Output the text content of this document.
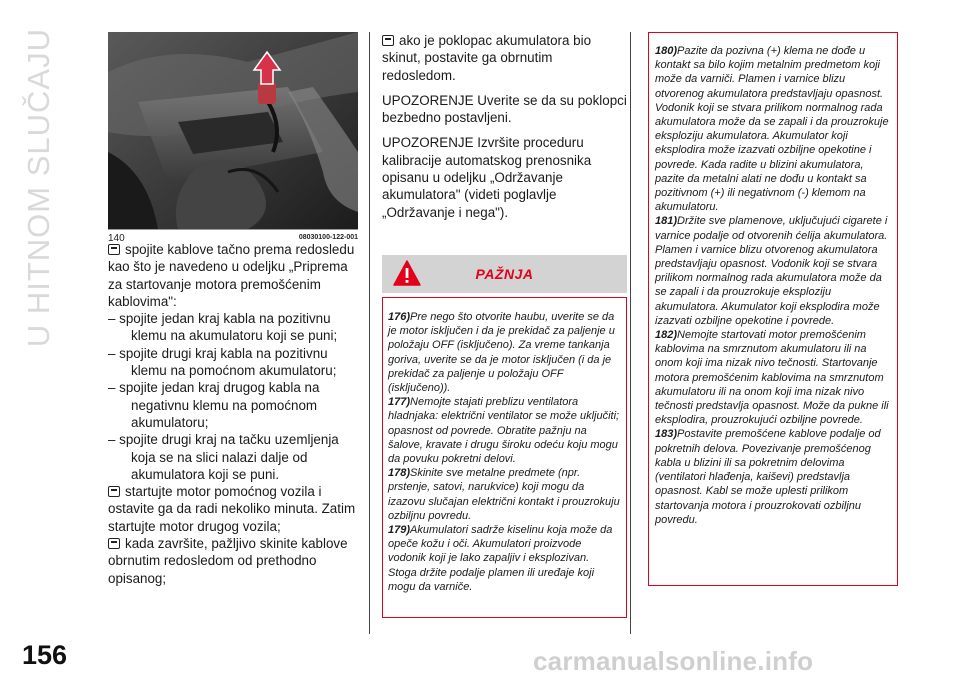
U HITNOM SLUČAJU	140	08030100-122-001
spojite kablove tačno prema redosledu kao što je navedeno u odeljku „Priprema za startovanje motora premošćenim kablovima":
– spojite jedan kraj kabla na pozitivnu klemu na akumulatoru koji se puni;
– spojite drugi kraj kabla na pozitivnu klemu na pomoćnom akumulatoru;
– spojite jedan kraj drugog kabla na negativnu klemu na pomoćnom akumulatoru;
– spojite drugi kraj na tačku uzemljenja koja se na slici nalazi dalje od akumulatora koji se puni.
startujte motor pomoćnog vozila i ostavite ga da radi nekoliko minuta. Zatim startujte motor drugog vozila;
kada završite, pažljivo skinite kablove obrnutim redosledom od prethodno opisanog;
ako je poklopac akumulatora bio skinut, postavite ga obrnutim redosledom.
UPOZORENJE Uverite se da su poklopci bezbedno postavljeni.
UPOZORENJE Izvršite proceduru kalibracije automatskog prenosnika opisanu u odeljku „Održavanje akumulatora" (videti poglavlje „Održavanje i nega").
PAŽNJA
176)Pre nego što otvorite haubu, uverite se da je motor isključen i da je prekidač za paljenje u položaju OFF (isključeno). Za vreme tankanja goriva, uverite se da je motor isključen (i da je prekidač za paljenje u položaju OFF (isključeno)).
177)Nemojte stajati preblizu ventilatora hladnjaka: električni ventilator se može uključiti; opasnost od povrede. Obratite pažnju na šalove, kravate i drugu široku odeću koju mogu da povuku pokretni delovi.
178)Skinite sve metalne predmete (npr. prstenje, satovi, narukvice) koji mogu da izazovu slučajan električni kontakt i prouzrokuju ozbiljnu povredu.
179)Akumulatori sadrže kiselinu koja može da opeče kožu i oči. Akumulatori proizvode vodonik koji je lako zapaljiv i eksplozivan. Stoga držite podalje plamen ili uređaje koji mogu da varniče.
180)Pazite da pozivna (+) klema ne dođe u kontakt sa bilo kojim metalnim predmetom koji može da varniči. Plamen i varnice blizu otvorenog akumulatora predstavljaju opasnost. Vodonik koji se stvara prilikom normalnog rada akumulatora može da se zapali i da prouzrokuje eksploziju akumulatora. Akumulator koji eksplodira može izazvati ozbiljne opekotine i povrede. Kada radite u blizini akumulatora, pazite da metalni alati ne dođu u kontakt sa pozitivnom (+) ili negativnom (-) klemom na akumulatoru.
181)Držite sve plamenove, uključujući cigarete i varnice podalje od otvorenih ćelija akumulatora. Plamen i varnice blizu otvorenog akumulatora predstavljaju opasnost. Vodonik koji se stvara prilikom normalnog rada akumulatora može da se zapali i da prouzrokuje eksploziju akumulatora. Akumulator koji eksplodira može izazvati ozbiljne opekotine i povrede.
182)Nemojte startovati motor premošćenim kablovima na smrznutom akumulatoru ili na onom koji ima nizak nivo tečnosti. Startovanje motora premošćenim kablovima na smrznutom akumulatoru ili na onom koji ima nizak nivo tečnosti predstavlja opasnost. Može da pukne ili eksplodira, prouzrokujući ozbiljne povrede.
183)Postavite premošćene kablove podalje od pokretnih delova. Povezivanje premošćenog kabla u blizini ili sa pokretnim delovima (ventilatori hlađenja, kaiševi) predstavlja opasnost. Kabl se može uplesti prilikom startovanja motora i prouzrokovati ozbiljnu povredu.
156	carmanualsonline.info
